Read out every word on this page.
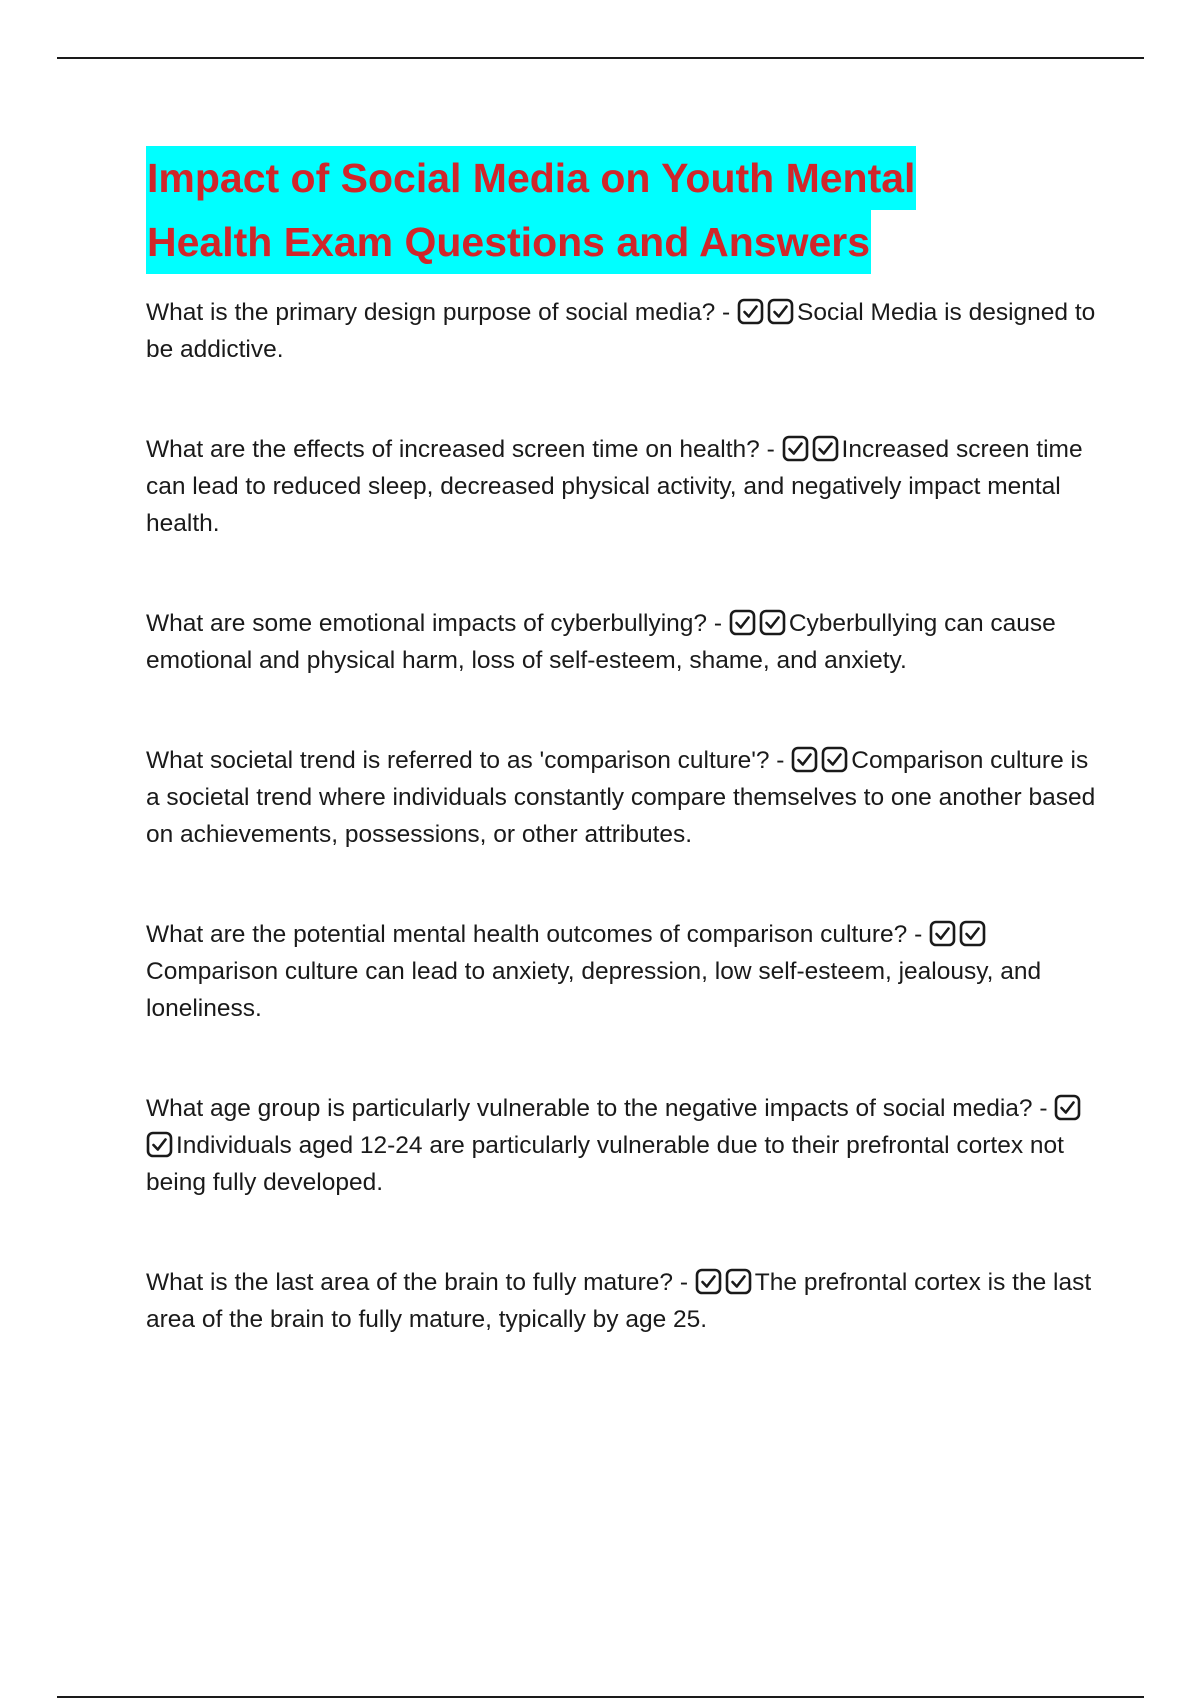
Impact of Social Media on Youth Mental
Health Exam Questions and Answers

What is the primary design purpose of social media? -	Social Media is designed to be addictive.

What are the effects of increased screen time on health? -	Increased screen time can lead to reduced sleep, decreased physical activity, and negatively impact mental health.

What are some emotional impacts of cyberbullying? -	Cyberbullying can cause emotional and physical harm, loss of self-esteem, shame, and anxiety.

What societal trend is referred to as 'comparison culture'? -	Comparison culture is a societal trend where individuals constantly compare themselves to one another based on achievements, possessions, or other attributes.

What are the potential mental health outcomes of comparison culture? -
Comparison culture can lead to anxiety, depression, low self-esteem, jealousy, and loneliness.

What age group is particularly vulnerable to the negative impacts of social media? -
Individuals aged 12-24 are particularly vulnerable due to their prefrontal cortex not being fully developed.

What is the last area of the brain to fully mature? -	The prefrontal cortex is the last area of the brain to fully mature, typically by age 25.
